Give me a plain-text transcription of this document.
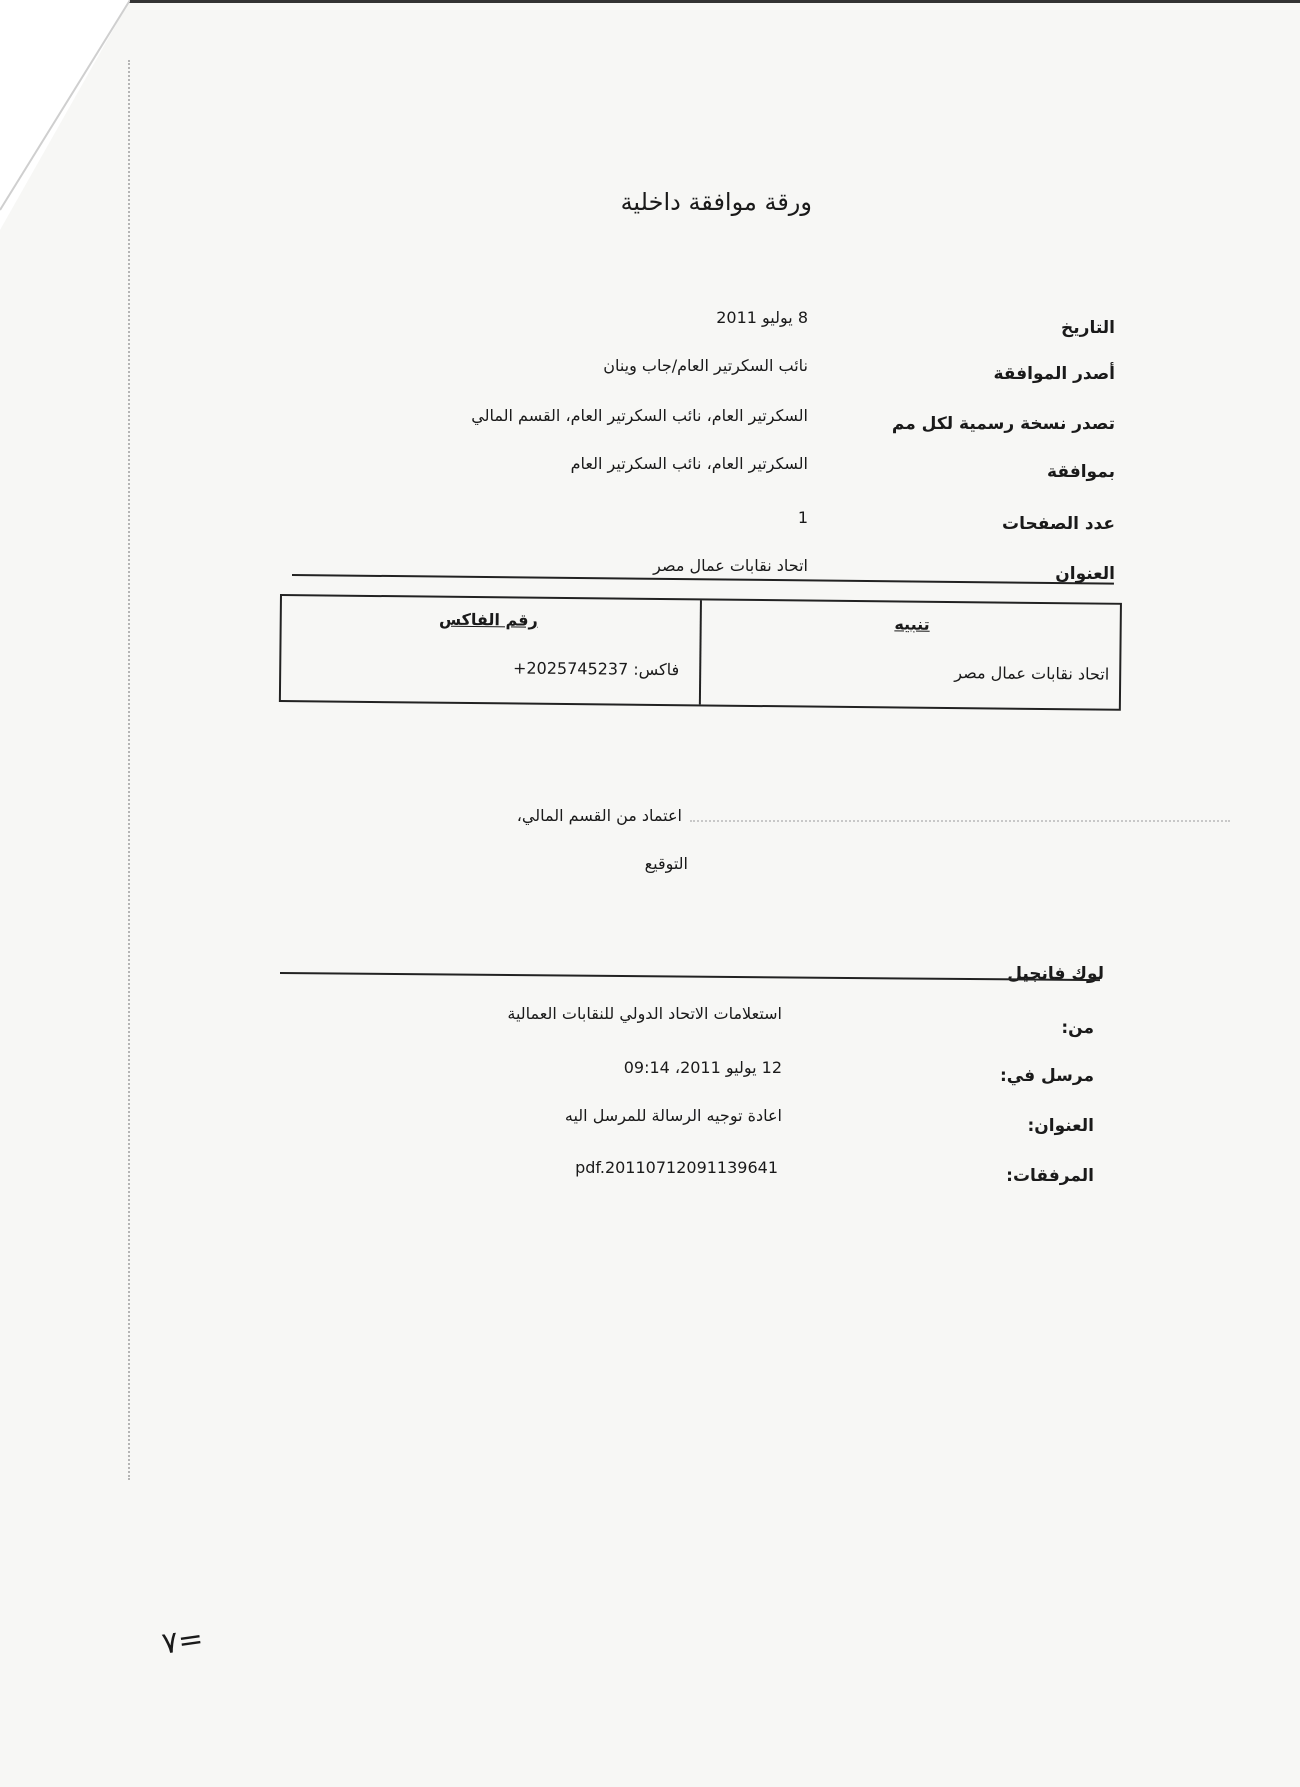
ورقة موافقة داخلية
التاريخ
أصدر الموافقة
تصدر نسخة رسمية لكل مم
بموافقة
عدد الصفحات
العنوان
8 يوليو 2011
نائب السكرتير العام/جاب وينان
السكرتير العام، نائب السكرتير العام، القسم المالي
السكرتير العام، نائب السكرتير العام
1
اتحاد نقابات عمال مصر
رقم الفاكس
فاكس: 2025745237+
تنبيه
اتحاد نقابات عمال مصر
اعتماد من القسم المالي،
التوقيع
لوك فانجيل
من:
مرسل في:
العنوان:
المرفقات:
استعلامات الاتحاد الدولي للنقابات العمالية
12 يوليو 2011، 09:14
اعادة توجيه الرسالة للمرسل اليه
pdf.20110712091139641
٧=
